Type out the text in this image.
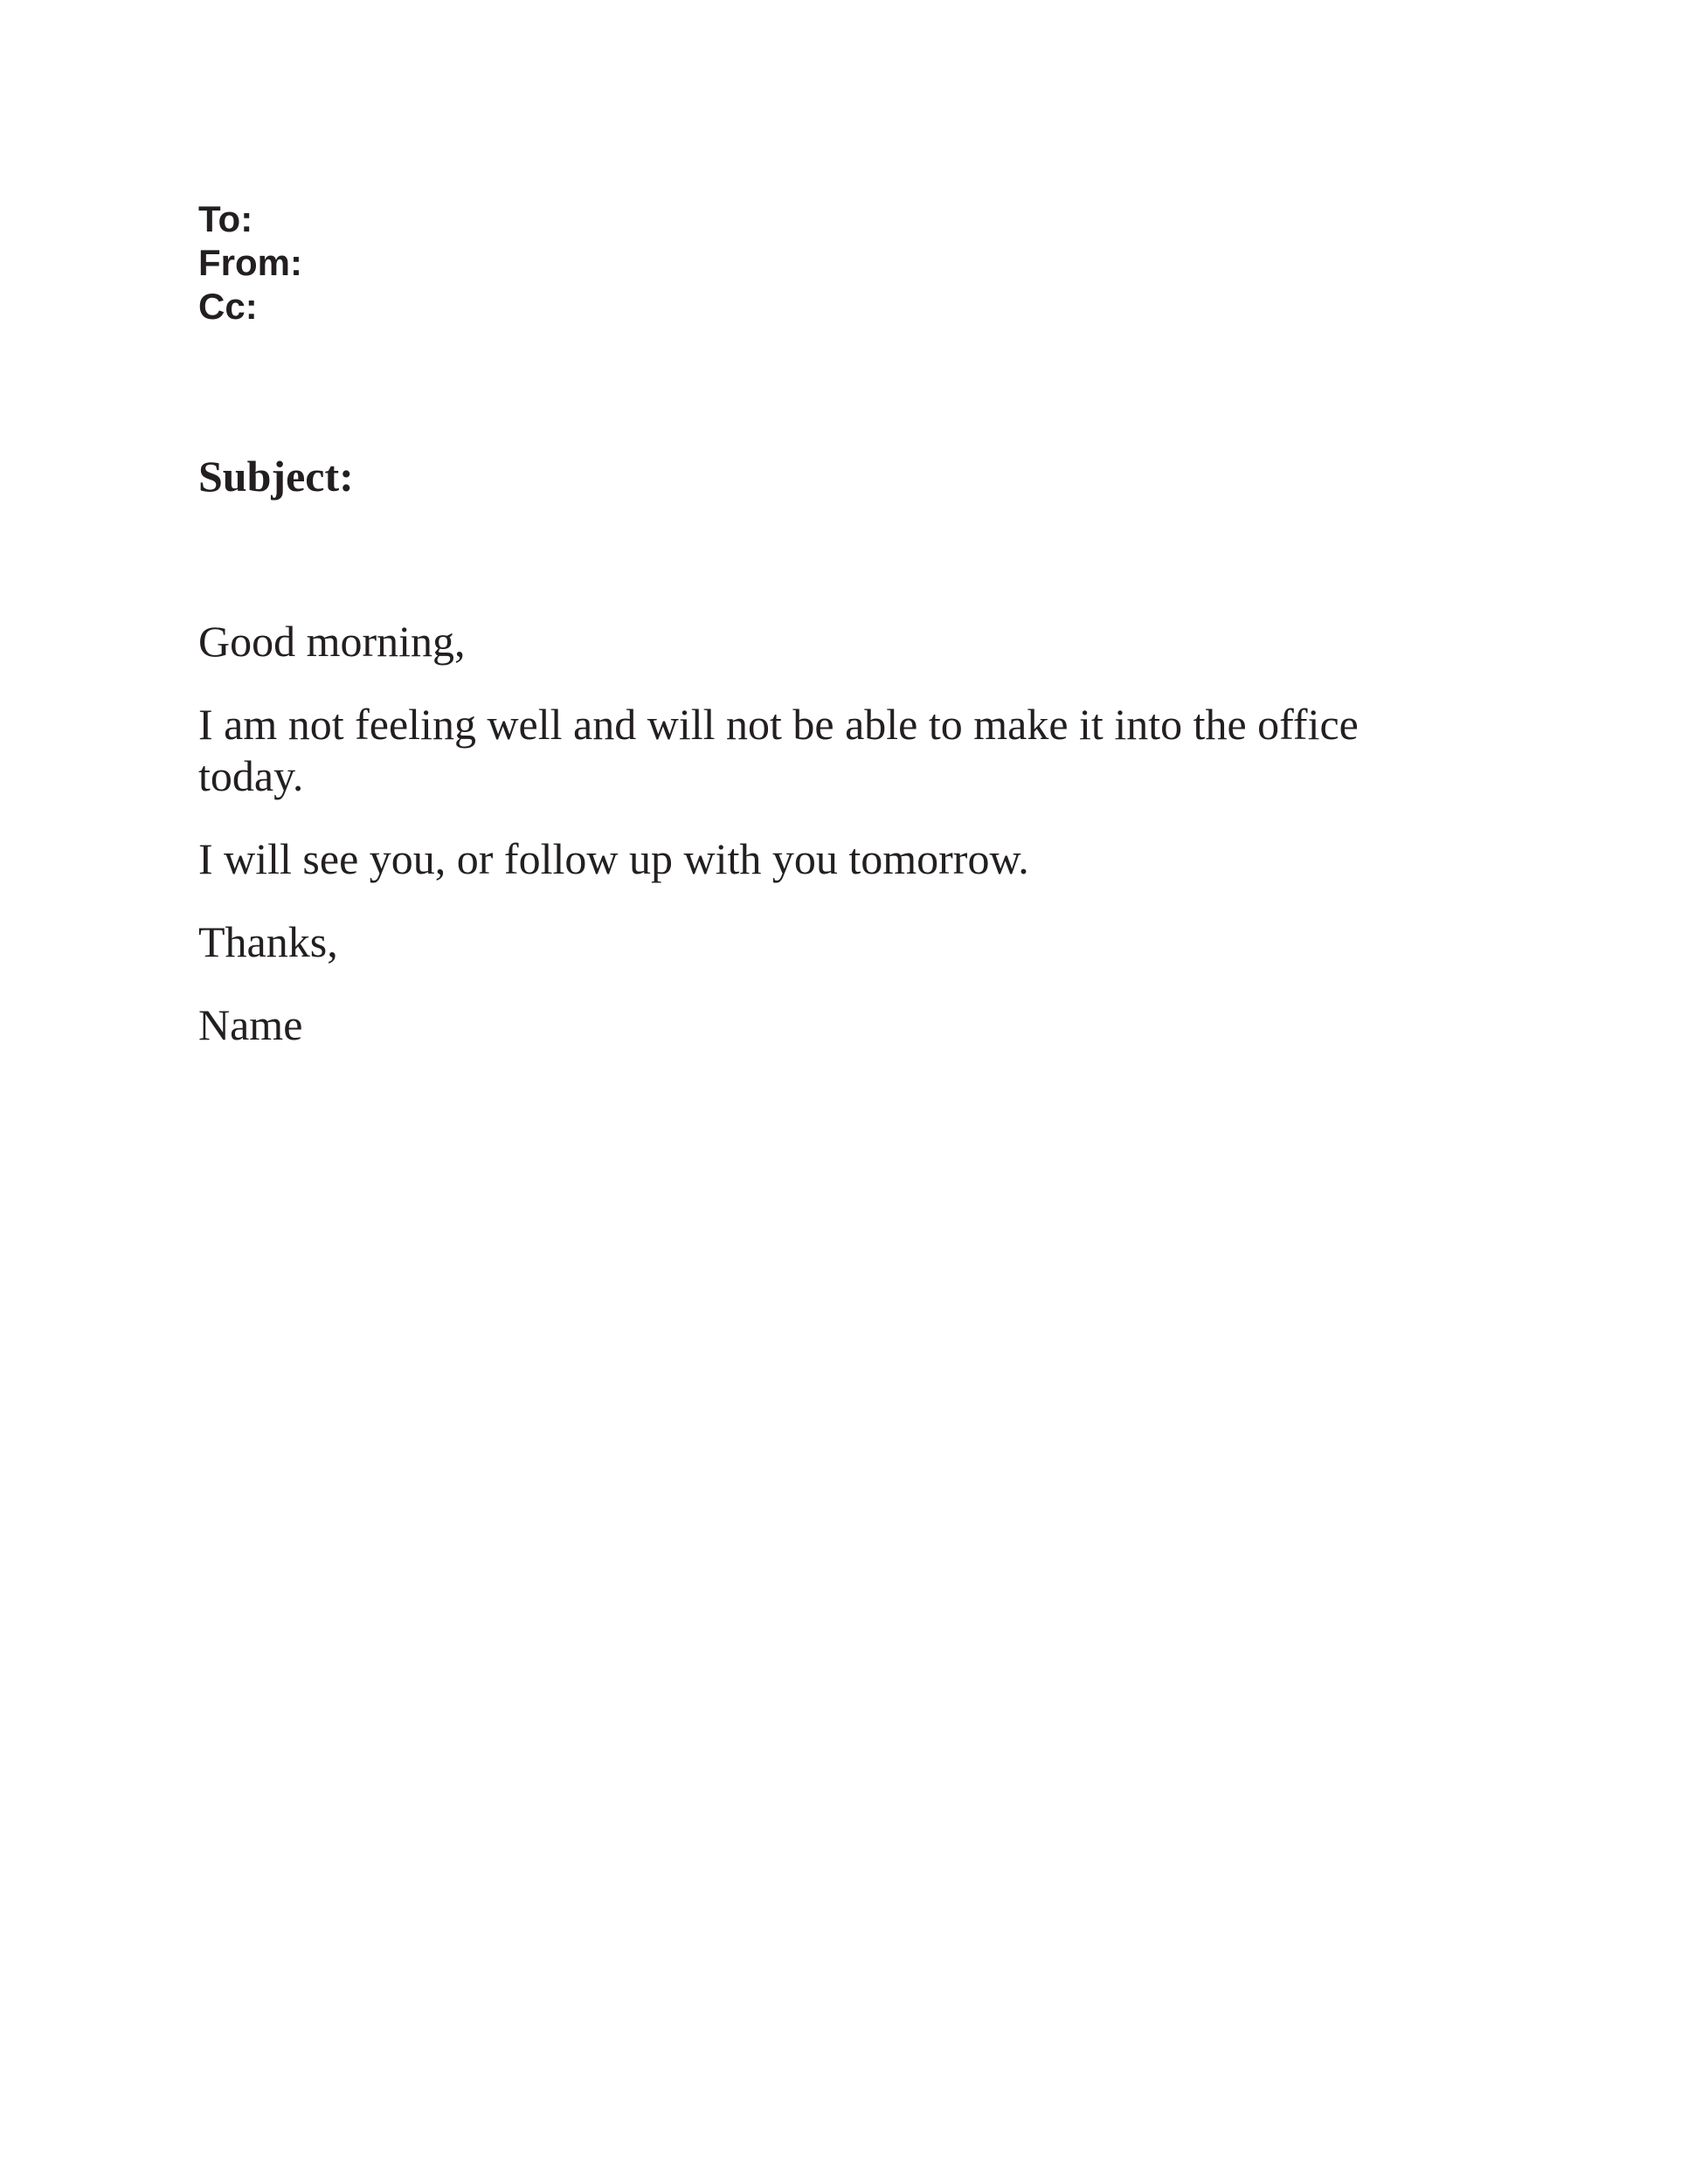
To:
From:
Cc:
Subject:

Good morning,

I am not feeling well and will not be able to make it into the office today.

I will see you, or follow up with you tomorrow.

Thanks,

Name
